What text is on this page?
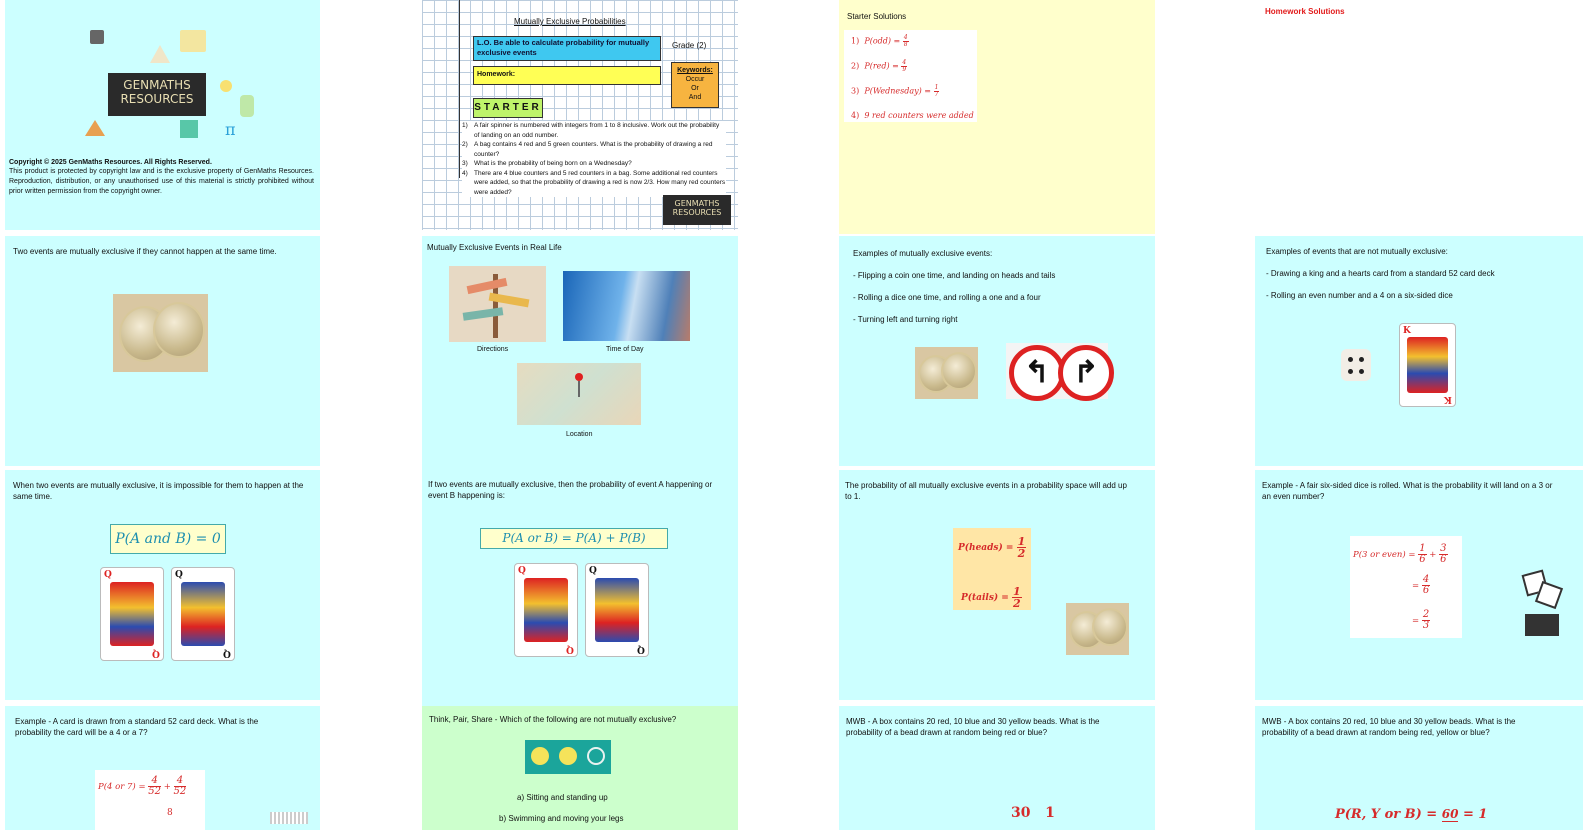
π
GENMATHS
RESOURCES
Copyright © 2025 GenMaths Resources. All Rights Reserved.
This product is protected by copyright law and is the exclusive property of GenMaths Resources. Reproduction, distribution, or any unauthorised use of this material is strictly prohibited without prior written permission from the copyright owner.
Mutually Exclusive Probabilities
L.O. Be able to calculate probability for mutually exclusive events
Grade (2)
Homework:
Keywords:
Occur
Or
And
STARTER
1) A fair spinner is numbered with integers from 1 to 8 inclusive. Work out the probability of landing on an odd number.
2) A bag contains 4 red and 5 green counters. What is the probability of drawing a red counter?
3) What is the probability of being born on a Wednesday?
4) There are 4 blue counters and 5 red counters in a bag. Some additional red counters were added, so that the probability of drawing a red is now 2/3. How many red counters were added?
GENMATHS
RESOURCES
Starter Solutions
1) $P(odd) = \frac{4}{8}$
2) $P(red) = \frac{4}{9}$
3) P(Wednesday) = $\frac{1}{7}$
4) 9 red counters were added
Homework Solutions
Two events are mutually exclusive if they cannot happen at the same time.	Mutually Exclusive Events in Real Life
Directions	Time of Day
Location
If two events are mutually exclusive, then the probability of event A happening or event B happening is:
P(A or B) = P(A) + P(B)
Q
Q
Q
Q
Examples of mutually exclusive events:
- Flipping a coin one time, and landing on heads and tails
- Rolling a dice one time, and rolling a one and a four
- Turning left and turning right
↰ ↱
Examples of events that are not mutually exclusive:
- Drawing a king and a hearts card from a standard 52 card deck
- Rolling an even number and a 4 on a six-sided dice
K
K
When two events are mutually exclusive, it is impossible for them to happen at the same time.
P(A and B) = 0
Q
Q
Q
Q
The probability of all mutually exclusive events in a probability space will add up to 1.
P(heads) = $\frac{1}{2}$
P(tails) = $\frac{1}{2}$
Example - A fair six-sided dice is rolled. What is the probability it will land on a 3 or an even number?
P(3 or even) = $\frac{1}{6} + \frac{3}{6}$
= $\frac{4}{6}$
= $\frac{2}{3}$
Example - A card is drawn from a standard 52 card deck. What is the probability the card will be a 4 or a 7?
P(4 or $7) = \frac{4}{52} + \frac{4}{52}$
8
Think, Pair, Share - Which of the following are not mutually exclusive?
a) Sitting and standing up
b) Swimming and moving your legs
MWB - A box contains 20 red, 10 blue and 30 yellow beads. What is the probability of a bead drawn at random being red or blue?
30   1
MWB - A box contains 20 red, 10 blue and 30 yellow beads. What is the probability of a bead drawn at random being red, yellow or blue?
P(R, Y or B) = 60 = 1
